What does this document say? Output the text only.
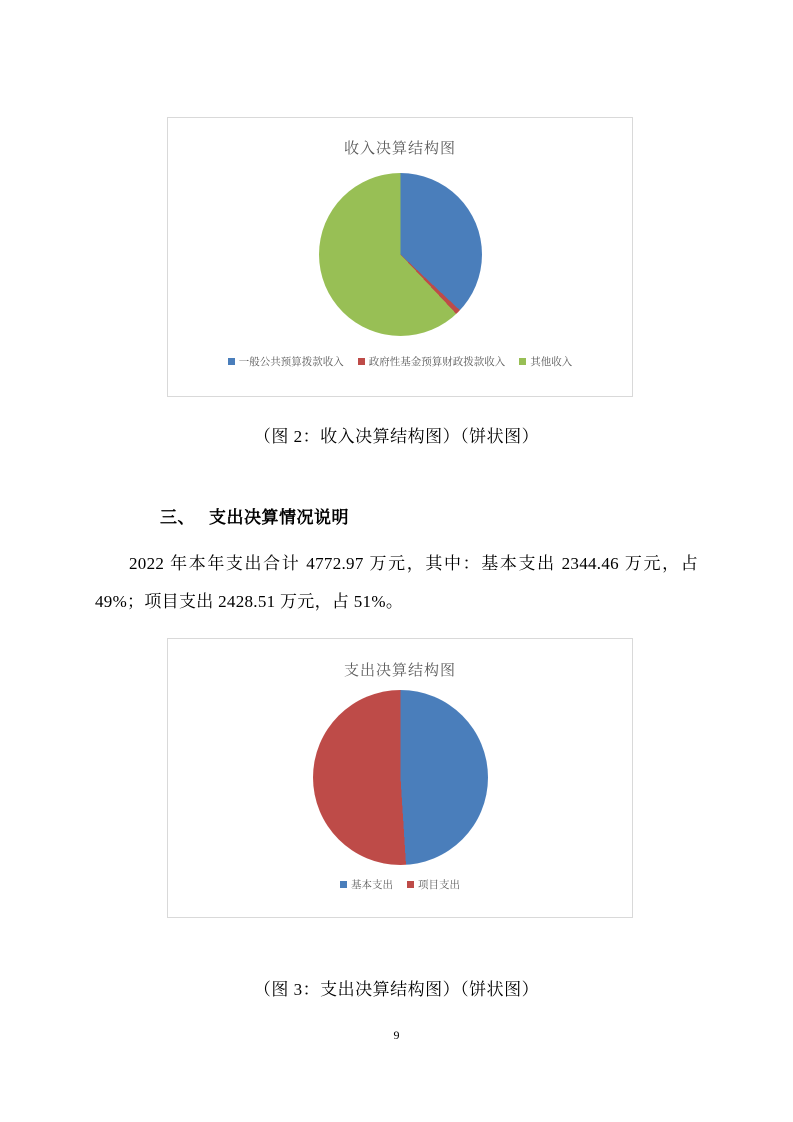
收入决算结构图
一般公共预算拨款收入 政府性基金预算财政拨款收入 其他收入
（图 2：收入决算结构图）（饼状图）
三、 支出决算情况说明
2022 年本年支出合计 4772.97 万元，其中：基本支出 2344.46 万元，占 49%；项目支出 2428.51 万元，占 51%。
支出决算结构图
基本支出 项目支出
（图 3：支出决算结构图）（饼状图）
9
